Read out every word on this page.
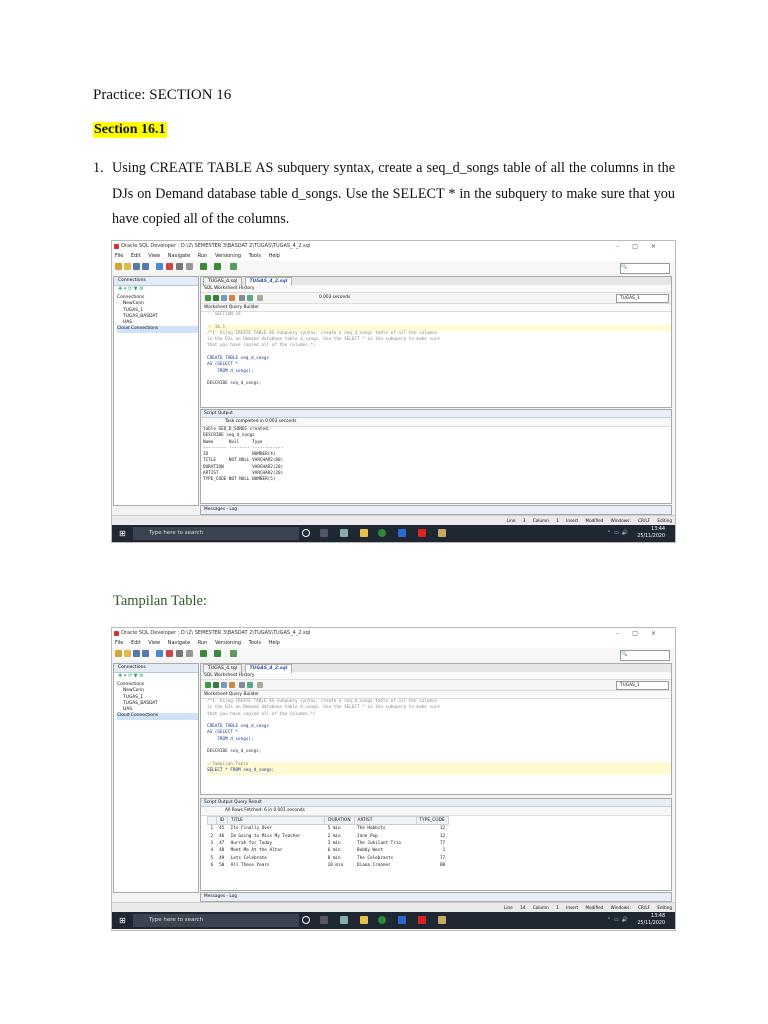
Practice: SECTION 16
Section 16.1
1. Using CREATE TABLE AS subquery syntax, create a seq_d_songs table of all the columns in the DJs on Demand database table d_songs. Use the SELECT * in the subquery to make sure that you have copied all of the columns.
Oracle SQL Developer : D:\2\ SEMESTER 3\BASDAT 2\TUGAS\TUGAS_4_2.sql	–□×
File Edit View Navigate Run Versioning Tools Help
🔍
Connections
✚ ▾ ⟳ ▼ ⚙
Connections
NewConn
TUGAS_1
TUGAS_BASDAT
UAS
Cloud Connections
TUGAS_4.sql	TUGAS_4_2.sql
SQL Worksheet History
0.003 seconds	TUGAS_1
Worksheet Query Builder
-- SECTION 16

-- 16.1
/*1. Using CREATE TABLE AS subquery syntax, create a seq_d_songs table of all the columns
in the DJs on Demand database table d_songs. Use the SELECT * in the subquery to make sure
that you have copied all of the columns.*/

CREATE TABLE seq_d_songs
AS (SELECT *
FROM d_songs);

DESCRIBE seq_d_songs;
Script Output
Task completed in 0.003 seconds
table SEQ_D_SONGS created.
DESCRIBE seq_d_songs
Name      Null     Type
--------- -------- ------------
ID                 NUMBER(4)
TITLE     NOT NULL VARCHAR2(80)
DURATION           VARCHAR2(20)
ARTIST             VARCHAR2(20)
TYPE_CODE NOT NULL NUMBER(5)
Messages - Log
Line 3 Column 1 Insert Modified Windows: CR/LF Editing
⊞	Type here to search	⌃▭🔊
13:44
25/11/2020
Tampilan Table:
Oracle SQL Developer : D:\2\ SEMESTER 3\BASDAT 2\TUGAS\TUGAS_4_2.sql	–□×
File Edit View Navigate Run Versioning Tools Help
🔍
Connections
✚ ▾ ⟳ ▼ ⚙
Connections
NewConn
TUGAS_1
TUGAS_BASDAT
UAS
Cloud Connections
TUGAS_4.sql	TUGAS_4_2.sql
SQL Worksheet History
TUGAS_1
Worksheet Query Builder
/*1. Using CREATE TABLE AS subquery syntax, create a seq_d_songs table of all the columns
in the DJs on Demand database table d_songs. Use the SELECT * in the subquery to make sure
that you have copied all of the columns.*/

CREATE TABLE seq_d_songs
AS (SELECT *
FROM d_songs);

DESCRIBE seq_d_songs;

--Tampilan Table
SELECT * FROM seq_d_songs;
Script Output Query Result
All Rows Fetched: 6 in 0.001 seconds
	ID	TITLE	DURATION	ARTIST	TYPE_CODE
1	45	Its Finally Over	5 min	The Hobbits	12
2	46	Im Going to Miss My Teacher	2 min	Jane Pop	12
3	47	Hurrah for Today	3 min	The Jubilant Trio	77
4	48	Meet Me At the Altar	6 min	Bobby West	1
5	49	Lets Celebrate	8 min	The Celebrants	77
6	50	All These Years	10 min	Diana Crooner	88
Messages - Log
Line 14 Column 1 Insert Modified Windows: CR/LF Editing
⊞	Type here to search	⌃▭🔊
13:48
25/11/2020
